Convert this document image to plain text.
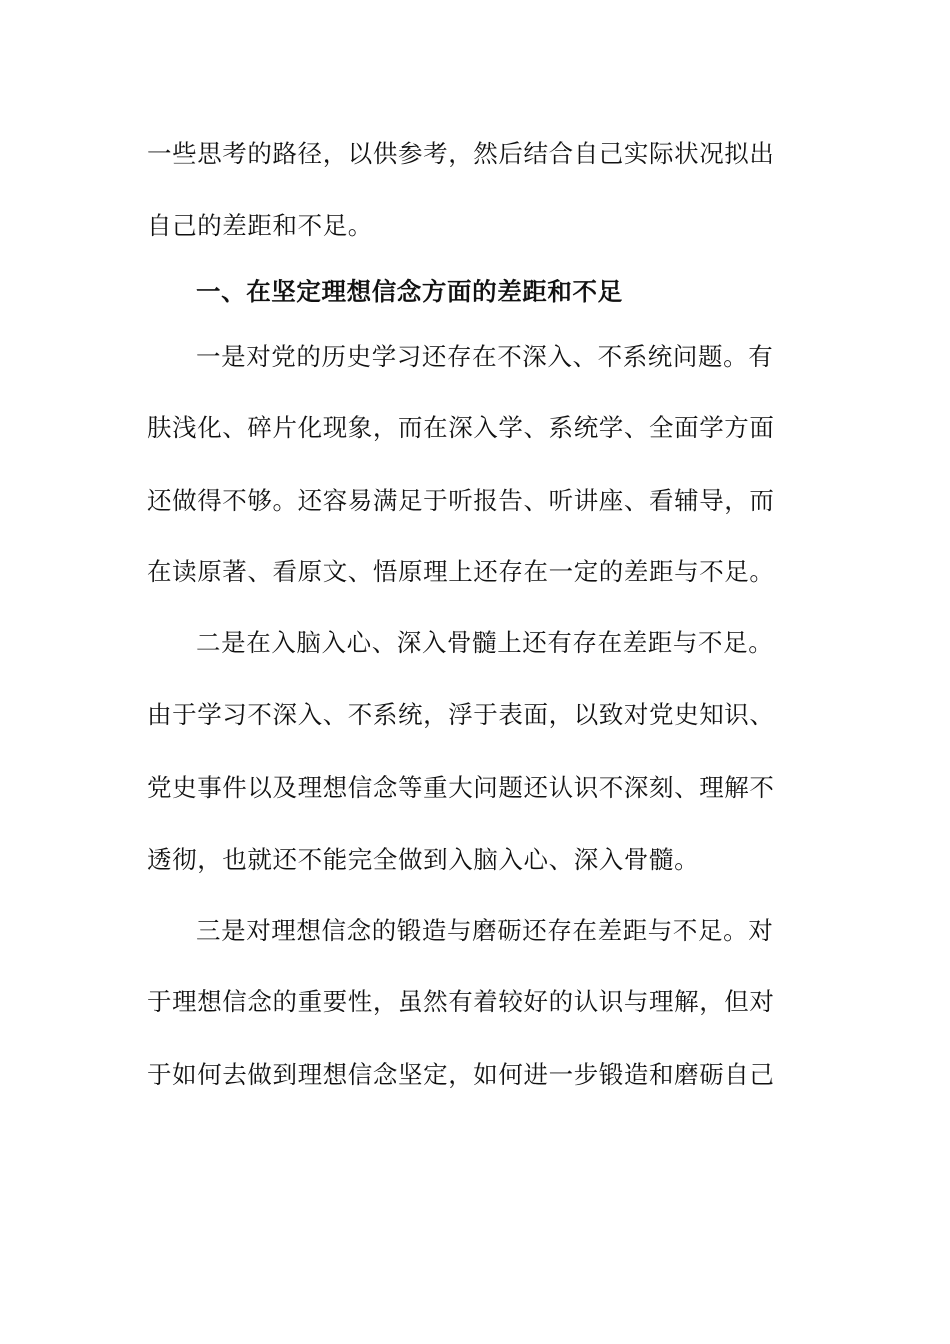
一些思考的路径，以供参考，然后结合自己实际状况拟出
自己的差距和不足。
一、在坚定理想信念方面的差距和不足
一是对党的历史学习还存在不深入、不系统问题。有
肤浅化、碎片化现象，而在深入学、系统学、全面学方面
还做得不够。还容易满足于听报告、听讲座、看辅导，而
在读原著、看原文、悟原理上还存在一定的差距与不足。
二是在入脑入心、深入骨髓上还有存在差距与不足。
由于学习不深入、不系统，浮于表面，以致对党史知识、
党史事件以及理想信念等重大问题还认识不深刻、理解不
透彻，也就还不能完全做到入脑入心、深入骨髓。
三是对理想信念的锻造与磨砺还存在差距与不足。对
于理想信念的重要性，虽然有着较好的认识与理解，但对
于如何去做到理想信念坚定，如何进一步锻造和磨砺自己
